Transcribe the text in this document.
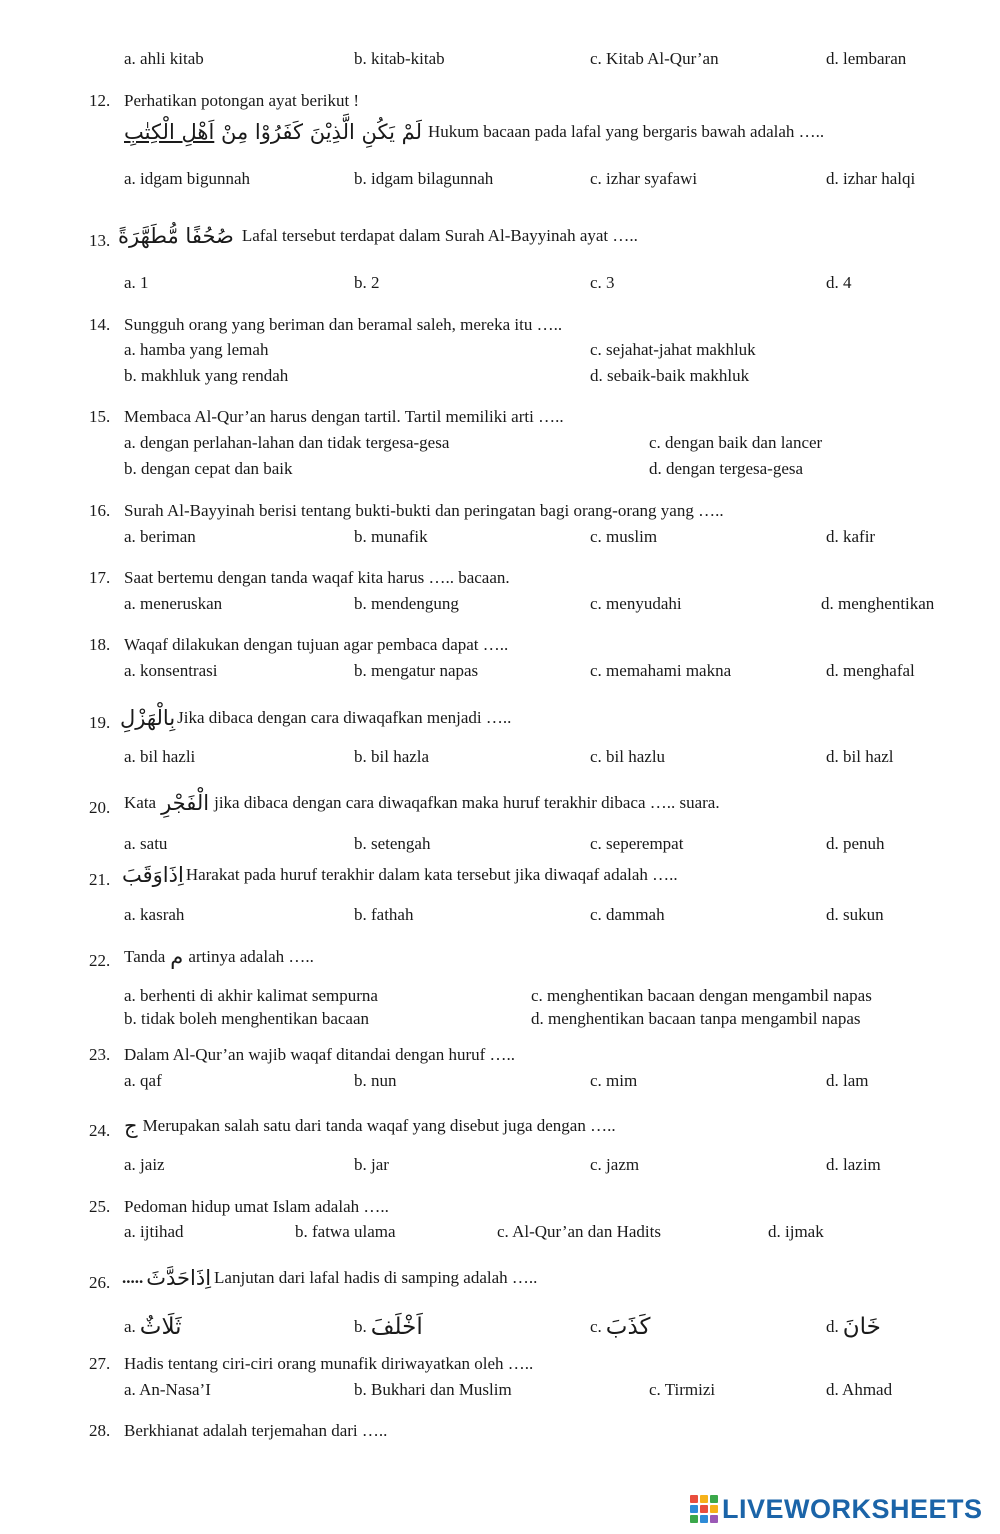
a. ahli kitab	b. kitab-kitab	c. Kitab Al-Qur’an	d. lembaran
12. Perhatikan potongan ayat berikut !
لَمْ يَكُنِ الَّذِيْنَ كَفَرُوْا مِنْ اَهْلِ الْكِتٰبِ	Hukum bacaan pada lafal yang bergaris bawah adalah …..
a. idgam bigunnah	b. idgam bilagunnah	c. izhar syafawi	d. izhar halqi
13. صُحُفًا مُّطَهَّرَةً Lafal tersebut terdapat dalam Surah Al-Bayyinah ayat …..
a. 1	b. 2	c. 3	d. 4
14. Sungguh orang yang beriman dan beramal saleh, mereka itu …..
a. hamba yang lemah	c. sejahat-jahat makhluk
b. makhluk yang rendah	d. sebaik-baik makhluk
15. Membaca Al-Qur’an harus dengan tartil. Tartil memiliki arti …..
a. dengan perlahan-lahan dan tidak tergesa-gesa	c. dengan baik dan lancer
b. dengan cepat dan baik	d. dengan tergesa-gesa
16. Surah Al-Bayyinah berisi tentang bukti-bukti dan peringatan bagi orang-orang yang …..
a. beriman	b. munafik	c. muslim	d. kafir
17. Saat bertemu dengan tanda waqaf kita harus ….. bacaan.
a. meneruskan	b. mendengung	c. menyudahi	d. menghentikan
18. Waqaf dilakukan dengan tujuan agar pembaca dapat …..
a. konsentrasi	b. mengatur napas	c. memahami makna	d. menghafal
19. بِالْهَزْلِ Jika dibaca dengan cara diwaqafkan menjadi …..
a. bil hazli	b. bil hazla	c. bil hazlu	d. bil hazl
20. Kata الْفَجْرِ jika dibaca dengan cara diwaqafkan maka huruf terakhir dibaca ….. suara.
a. satu	b. setengah	c. seperempat	d. penuh
21. اِذَاوَقَبَ Harakat pada huruf terakhir dalam kata tersebut jika diwaqaf adalah …..
a. kasrah	b. fathah	c. dammah	d. sukun
22. Tanda م artinya adalah …..
a. berhenti di akhir kalimat sempurna	c. menghentikan bacaan dengan mengambil napas
b. tidak boleh menghentikan bacaan	d. menghentikan bacaan tanpa mengambil napas
23. Dalam Al-Qur’an wajib waqaf ditandai dengan huruf …..
a. qaf	b. nun	c. mim	d. lam
24. ج Merupakan salah satu dari tanda waqaf yang disebut juga dengan …..
a. jaiz	b. jar	c. jazm	d. lazim
25. Pedoman hidup umat Islam adalah …..
a. ijtihad	b. fatwa ulama	c. Al-Qur’an dan Hadits	d. ijmak
26. ..... اِذَاحَدَّثَ Lanjutan dari lafal hadis di samping adalah …..
a. ثَلَاثٌ	b. اَخْلَفَ	c. كَذَبَ	d. خَانَ
27. Hadis tentang ciri-ciri orang munafik diriwayatkan oleh …..
a. An-Nasa’I	b. Bukhari dan Muslim	c. Tirmizi	d. Ahmad
28. Berkhianat adalah terjemahan dari …..
LIVEWORKSHEETS
